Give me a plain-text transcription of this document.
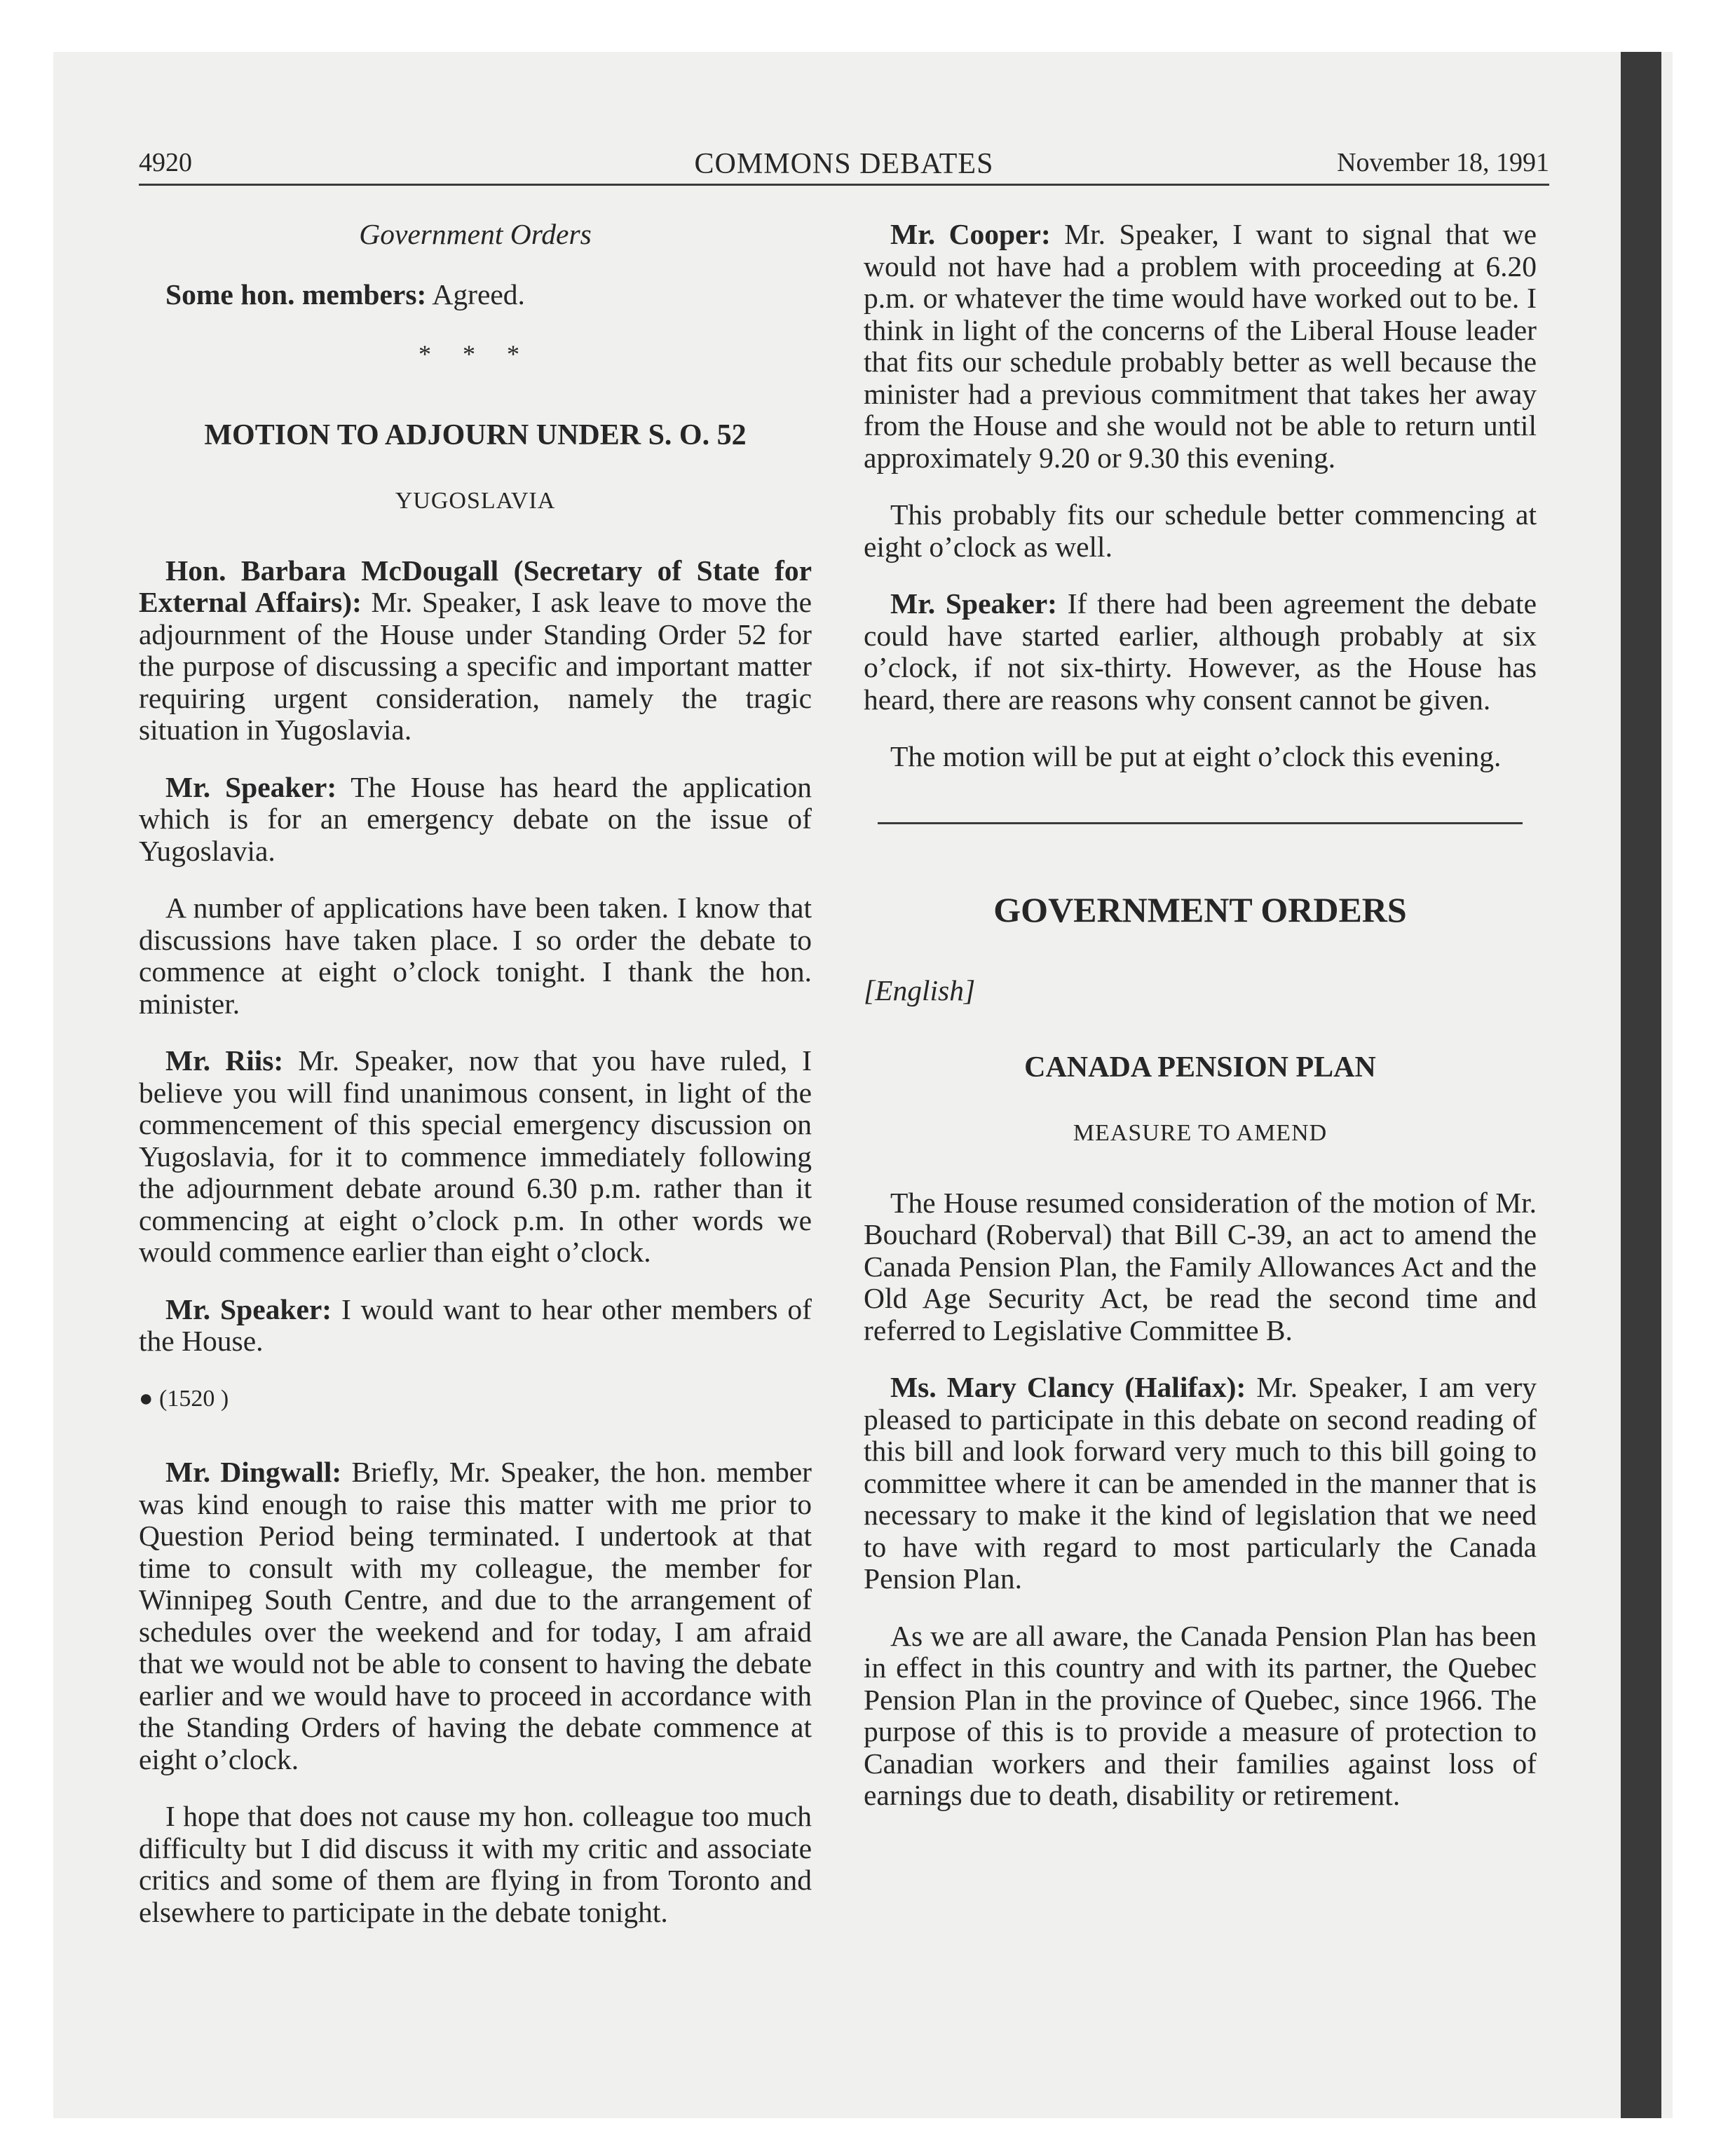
4920	COMMONS DEBATES	November 18, 1991
Government Orders

Some hon. members: Agreed.

* * *
MOTION TO ADJOURN UNDER S. O. 52
YUGOSLAVIA

Hon. Barbara McDougall (Secretary of State for External Affairs): Mr. Speaker, I ask leave to move the adjournment of the House under Standing Order 52 for the purpose of discussing a specific and important matter requiring urgent consideration, namely the tragic situation in Yugoslavia.

Mr. Speaker: The House has heard the application which is for an emergency debate on the issue of Yugoslavia.

A number of applications have been taken. I know that discussions have taken place. I so order the debate to commence at eight o’clock tonight. I thank the hon. minister.

Mr. Riis: Mr. Speaker, now that you have ruled, I believe you will find unanimous consent, in light of the commencement of this special emergency discussion on Yugoslavia, for it to commence immediately following the adjournment debate around 6.30 p.m. rather than it commencing at eight o’clock p.m. In other words we would commence earlier than eight o’clock.

Mr. Speaker: I would want to hear other members of the House.

● (1520 )

Mr. Dingwall: Briefly, Mr. Speaker, the hon. member was kind enough to raise this matter with me prior to Question Period being terminated. I undertook at that time to consult with my colleague, the member for Winnipeg South Centre, and due to the arrangement of schedules over the weekend and for today, I am afraid that we would not be able to consent to having the debate earlier and we would have to proceed in accordance with the Standing Orders of having the debate commence at eight o’clock.

I hope that does not cause my hon. colleague too much difficulty but I did discuss it with my critic and associate critics and some of them are flying in from Toronto and elsewhere to participate in the debate tonight.

Mr. Cooper: Mr. Speaker, I want to signal that we would not have had a problem with proceeding at 6.20 p.m. or whatever the time would have worked out to be. I think in light of the concerns of the Liberal House leader that fits our schedule probably better as well because the minister had a previous commitment that takes her away from the House and she would not be able to return until approximately 9.20 or 9.30 this evening.

This probably fits our schedule better commencing at eight o’clock as well.

Mr. Speaker: If there had been agreement the debate could have started earlier, although probably at six o’clock, if not six-thirty. However, as the House has heard, there are reasons why consent cannot be given.

The motion will be put at eight o’clock this evening.

GOVERNMENT ORDERS
[English]
CANADA PENSION PLAN
MEASURE TO AMEND

The House resumed consideration of the motion of Mr. Bouchard (Roberval) that Bill C-39, an act to amend the Canada Pension Plan, the Family Allowances Act and the Old Age Security Act, be read the second time and referred to Legislative Committee B.

Ms. Mary Clancy (Halifax): Mr. Speaker, I am very pleased to participate in this debate on second reading of this bill and look forward very much to this bill going to committee where it can be amended in the manner that is necessary to make it the kind of legislation that we need to have with regard to most particularly the Canada Pension Plan.

As we are all aware, the Canada Pension Plan has been in effect in this country and with its partner, the Quebec Pension Plan in the province of Quebec, since 1966. The purpose of this is to provide a measure of protection to Canadian workers and their families against loss of earnings due to death, disability or retirement.
